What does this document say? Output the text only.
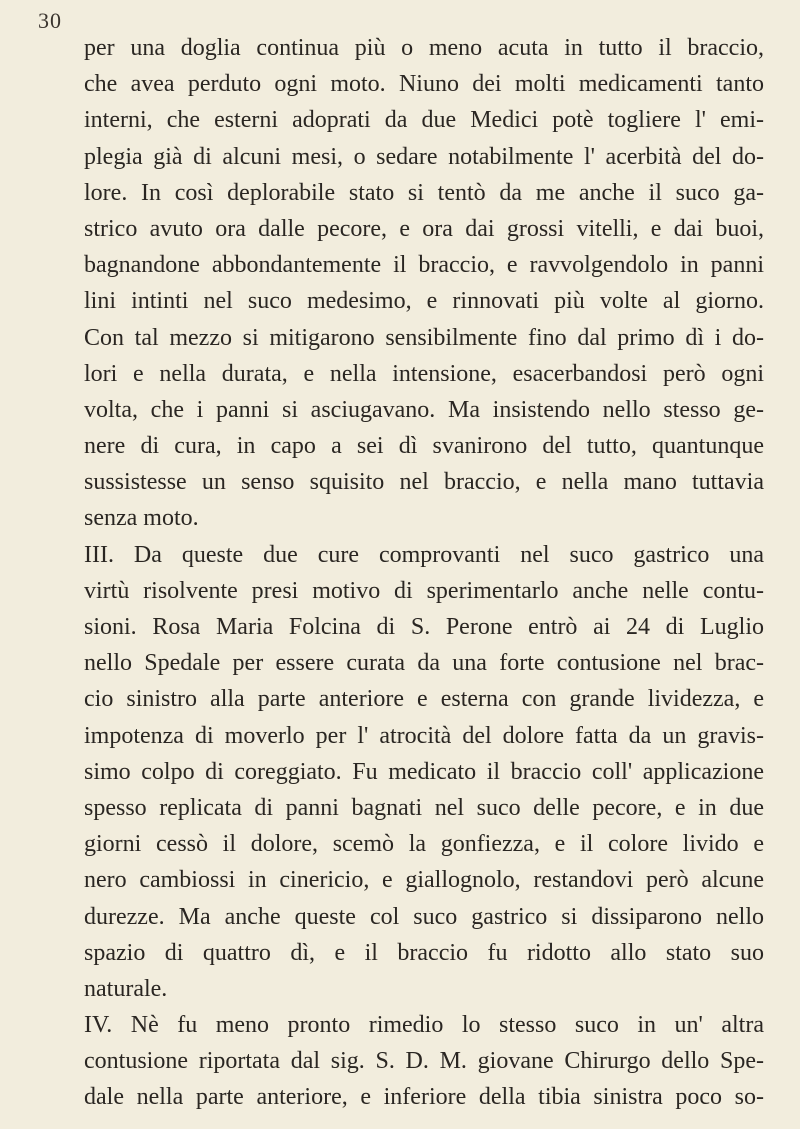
30
per una doglia continua più o meno acuta in tutto il braccio,
che avea perduto ogni moto. Niuno dei molti medicamenti tanto
interni, che esterni adoprati da due Medici potè togliere l' emi-
plegia già di alcuni mesi, o sedare notabilmente l' acerbità del do-
lore. In così deplorabile stato si tentò da me anche il suco ga-
strico avuto ora dalle pecore, e ora dai grossi vitelli, e dai buoi,
bagnandone abbondantemente il braccio, e ravvolgendolo in panni
lini intinti nel suco medesimo, e rinnovati più volte al giorno.
Con tal mezzo si mitigarono sensibilmente fino dal primo dì i do-
lori e nella durata, e nella intensione, esacerbandosi però ogni
volta, che i panni si asciugavano. Ma insistendo nello stesso ge-
nere di cura, in capo a sei dì svanirono del tutto, quantunque
sussistesse un senso squisito nel braccio, e nella mano tuttavia
senza moto.
III. Da queste due cure comprovanti nel suco gastrico una
virtù risolvente presi motivo di sperimentarlo anche nelle contu-
sioni. Rosa Maria Folcina di S. Perone entrò ai 24 di Luglio
nello Spedale per essere curata da una forte contusione nel brac-
cio sinistro alla parte anteriore e esterna con grande lividezza, e
impotenza di moverlo per l' atrocità del dolore fatta da un gravis-
simo colpo di coreggiato. Fu medicato il braccio coll' applicazione
spesso replicata di panni bagnati nel suco delle pecore, e in due
giorni cessò il dolore, scemò la gonfiezza, e il colore livido e
nero cambiossi in cinericio, e giallognolo, restandovi però alcune
durezze. Ma anche queste col suco gastrico si dissiparono nello
spazio di quattro dì, e il braccio fu ridotto allo stato suo
naturale.
IV. Nè fu meno pronto rimedio lo stesso suco in un' altra
contusione riportata dal sig. S. D. M. giovane Chirurgo dello Spe-
dale nella parte anteriore, e inferiore della tibia sinistra poco so-
